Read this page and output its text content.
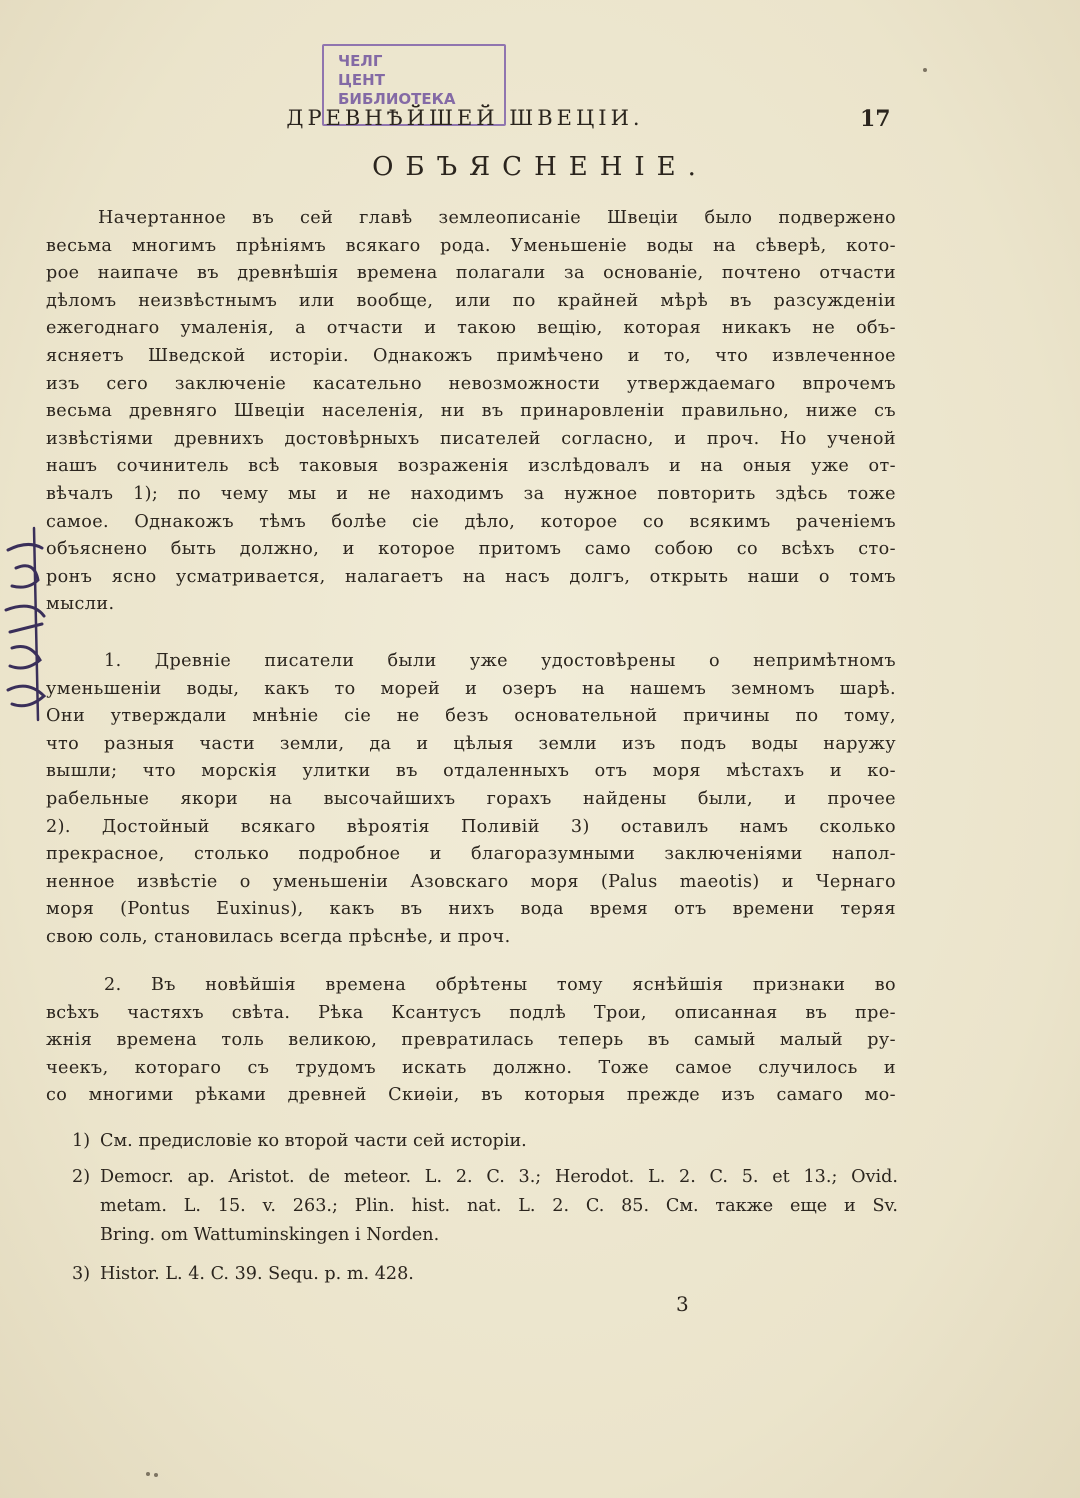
ЧЕЛГ
ЦЕНТ
БИБЛИОТЕКА
ДРЕВНѢЙШЕЙ ШВЕЦІИ.	17
ОБЪЯСНЕНІЕ.
Начертанное въ сей главѣ землеописаніе Швеціи было подвержено
весьма многимъ прѣніямъ всякаго рода. Уменьшеніе воды на сѣверѣ, кото-
рое наипаче въ древнѣшія времена полагали за основаніе, почтено отчасти
дѣломъ неизвѣстнымъ или вообще, или по крайней мѣрѣ въ разсужденіи
ежегоднаго умаленія, а отчасти и такою вещію, которая никакъ не объ-
ясняетъ Шведской исторіи. Однакожъ примѣчено и то, что извлеченное
изъ сего заключеніе касательно невозможности утверждаемаго впрочемъ
весьма древняго Швеціи населенія, ни въ принаровленіи правильно, ниже съ
извѣстіями древнихъ достовѣрныхъ писателей согласно, и проч. Но ученой
нашъ сочинитель всѣ таковыя возраженія изслѣдовалъ и на оныя уже от-
вѣчалъ 1); по чему мы и не находимъ за нужное повторить здѣсь тоже
самое. Однакожъ тѣмъ болѣе сіе дѣло, которое со всякимъ раченіемъ
объяснено быть должно, и которое притомъ само собою со всѣхъ сто-
ронъ ясно усматривается, налагаетъ на насъ долгъ, открыть наши о томъ
мысли.
1. Древніе писатели были уже удостовѣрены о непримѣтномъ
уменьшеніи воды, какъ то морей и озеръ на нашемъ земномъ шарѣ.
Они утверждали мнѣніе сіе не безъ основательной причины по тому,
что разныя части земли, да и цѣлыя земли изъ подъ воды наружу
вышли; что морскія улитки въ отдаленныхъ отъ моря мѣстахъ и ко-
рабельные якори на высочайшихъ горахъ найдены были, и прочее
2). Достойный всякаго вѣроятія Поливій 3) оставилъ намъ сколько
прекрасное, столько подробное и благоразумными заключеніями напол-
ненное извѣстіе о уменьшеніи Азовскаго моря (Palus maeotis) и Чернаго
моря (Pontus Euxinus), какъ въ нихъ вода время отъ времени теряя
свою соль, становилась всегда прѣснѣе, и проч.
2. Въ новѣйшія времена обрѣтены тому яснѣйшія признаки во
всѣхъ частяхъ свѣта. Рѣка Ксантусъ подлѣ Трои, описанная въ пре-
жнія времена толь великою, превратилась теперь въ самый малый ру-
чеекъ, котораго съ трудомъ искать должно. Тоже самое случилось и
со многими рѣками древней Скиѳіи, въ которыя прежде изъ самаго мо-
1) См. предисловіе ко второй части сей исторіи.
2) Democr. ap. Aristot. de meteor. L. 2. C. 3.; Herodot. L. 2. C. 5. et 13.; Ovid.
metam. L. 15. v. 263.; Plin. hist. nat. L. 2. C. 85. См. также еще и Sv.
Bring. om Wattuminskingen i Norden.
3) Histor. L. 4. C. 39. Sequ. p. m. 428.
3
